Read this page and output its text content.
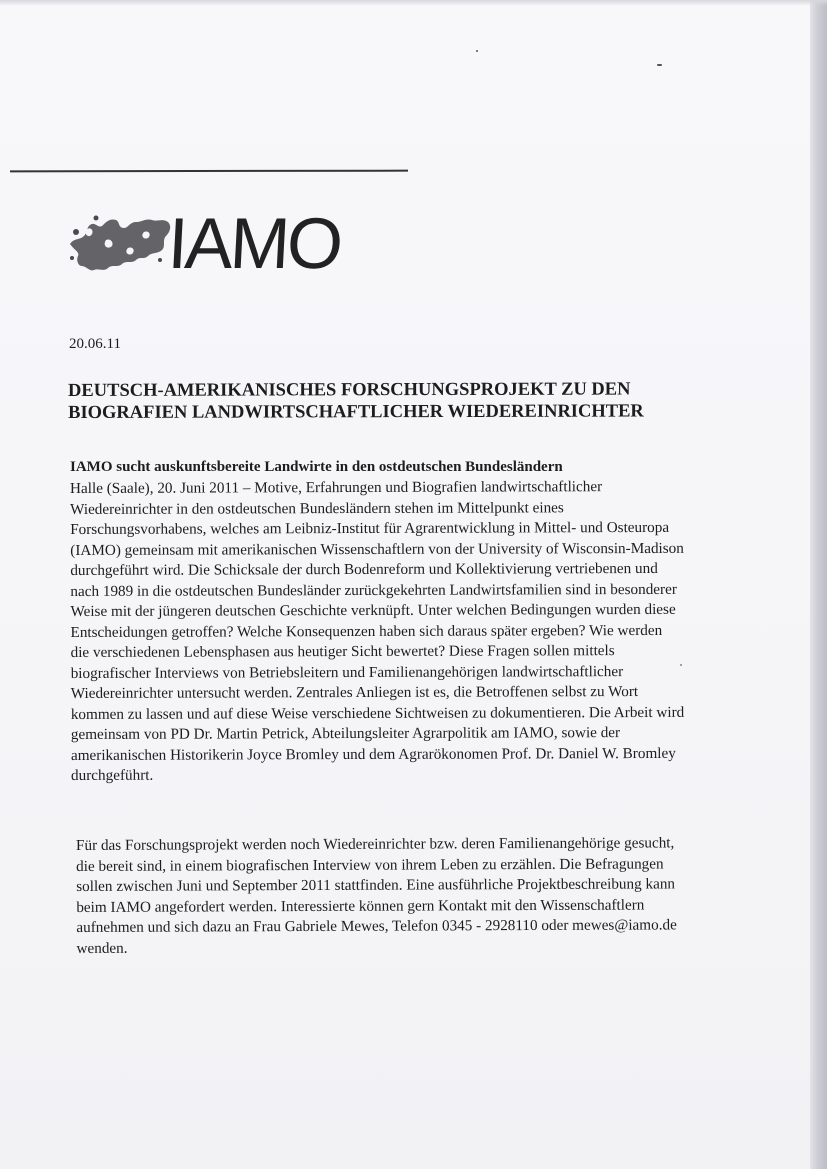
IAMO
20.06.11
DEUTSCH-AMERIKANISCHES FORSCHUNGSPROJEKT ZU DEN
BIOGRAFIEN LANDWIRTSCHAFTLICHER WIEDEREINRICHTER
IAMO sucht auskunftsbereite Landwirte in den ostdeutschen Bundesländern
Halle (Saale), 20. Juni 2011 – Motive, Erfahrungen und Biografien landwirtschaftlicher
Wiedereinrichter in den ostdeutschen Bundesländern stehen im Mittelpunkt eines
Forschungsvorhabens, welches am Leibniz-Institut für Agrarentwicklung in Mittel- und Osteuropa
(IAMO) gemeinsam mit amerikanischen Wissenschaftlern von der University of Wisconsin-Madison
durchgeführt wird. Die Schicksale der durch Bodenreform und Kollektivierung vertriebenen und
nach 1989 in die ostdeutschen Bundesländer zurückgekehrten Landwirtsfamilien sind in besonderer
Weise mit der jüngeren deutschen Geschichte verknüpft. Unter welchen Bedingungen wurden diese
Entscheidungen getroffen? Welche Konsequenzen haben sich daraus später ergeben? Wie werden
die verschiedenen Lebensphasen aus heutiger Sicht bewertet? Diese Fragen sollen mittels
biografischer Interviews von Betriebsleitern und Familienangehörigen landwirtschaftlicher
Wiedereinrichter untersucht werden. Zentrales Anliegen ist es, die Betroffenen selbst zu Wort
kommen zu lassen und auf diese Weise verschiedene Sichtweisen zu dokumentieren. Die Arbeit wird
gemeinsam von PD Dr. Martin Petrick, Abteilungsleiter Agrarpolitik am IAMO, sowie der
amerikanischen Historikerin Joyce Bromley und dem Agrarökonomen Prof. Dr. Daniel W. Bromley
durchgeführt.
Für das Forschungsprojekt werden noch Wiedereinrichter bzw. deren Familienangehörige gesucht,
die bereit sind, in einem biografischen Interview von ihrem Leben zu erzählen. Die Befragungen
sollen zwischen Juni und September 2011 stattfinden. Eine ausführliche Projektbeschreibung kann
beim IAMO angefordert werden. Interessierte können gern Kontakt mit den Wissenschaftlern
aufnehmen und sich dazu an Frau Gabriele Mewes, Telefon 0345 - 2928110 oder mewes@iamo.de
wenden.
